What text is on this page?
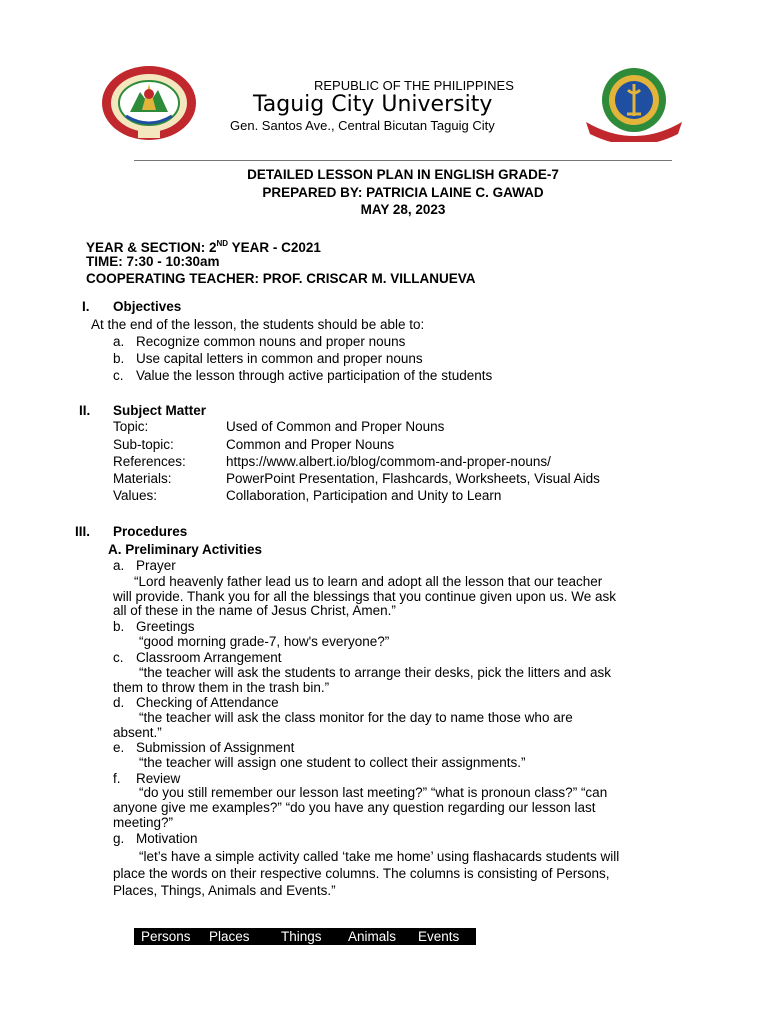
REPUBLIC OF THE PHILIPPINES
Taguig City University
Gen. Santos Ave., Central Bicutan Taguig City
DETAILED LESSON PLAN IN ENGLISH GRADE-7
PREPARED BY: PATRICIA LAINE C. GAWAD
MAY 28, 2023
YEAR & SECTION: 2ND YEAR - C2021
TIME: 7:30 - 10:30am
COOPERATING TEACHER: PROF. CRISCAR M. VILLANUEVA
I. Objectives
At the end of the lesson, the students should be able to:
a. Recognize common nouns and proper nouns
b. Use capital letters in common and proper nouns
c. Value the lesson through active participation of the students
II. Subject Matter
Topic:	Used of Common and Proper Nouns
Sub-topic:	Common and Proper Nouns
References:	https://www.albert.io/blog/commom-and-proper-nouns/
Materials:	PowerPoint Presentation, Flashcards, Worksheets, Visual Aids
Values:	Collaboration, Participation and Unity to Learn
III. Procedures
A. Preliminary Activities
a. Prayer
“Lord heavenly father lead us to learn and adopt all the lesson that our teacher
will provide. Thank you for all the blessings that you continue given upon us. We ask
all of these in the name of Jesus Christ, Amen.”
b. Greetings
“good morning grade-7, how's everyone?”
c. Classroom Arrangement
“the teacher will ask the students to arrange their desks, pick the litters and ask
them to throw them in the trash bin.”
d. Checking of Attendance
“the teacher will ask the class monitor for the day to name those who are
absent.”
e. Submission of Assignment
“the teacher will assign one student to collect their assignments.”
f. Review
“do you still remember our lesson last meeting?” “what is pronoun class?” “can
anyone give me examples?” “do you have any question regarding our lesson last
meeting?”
g. Motivation
“let’s have a simple activity called ‘take me home’ using flashacards students will
place the words on their respective columns. The columns is consisting of Persons,
Places, Things, Animals and Events.”
Persons Places Things Animals Events
